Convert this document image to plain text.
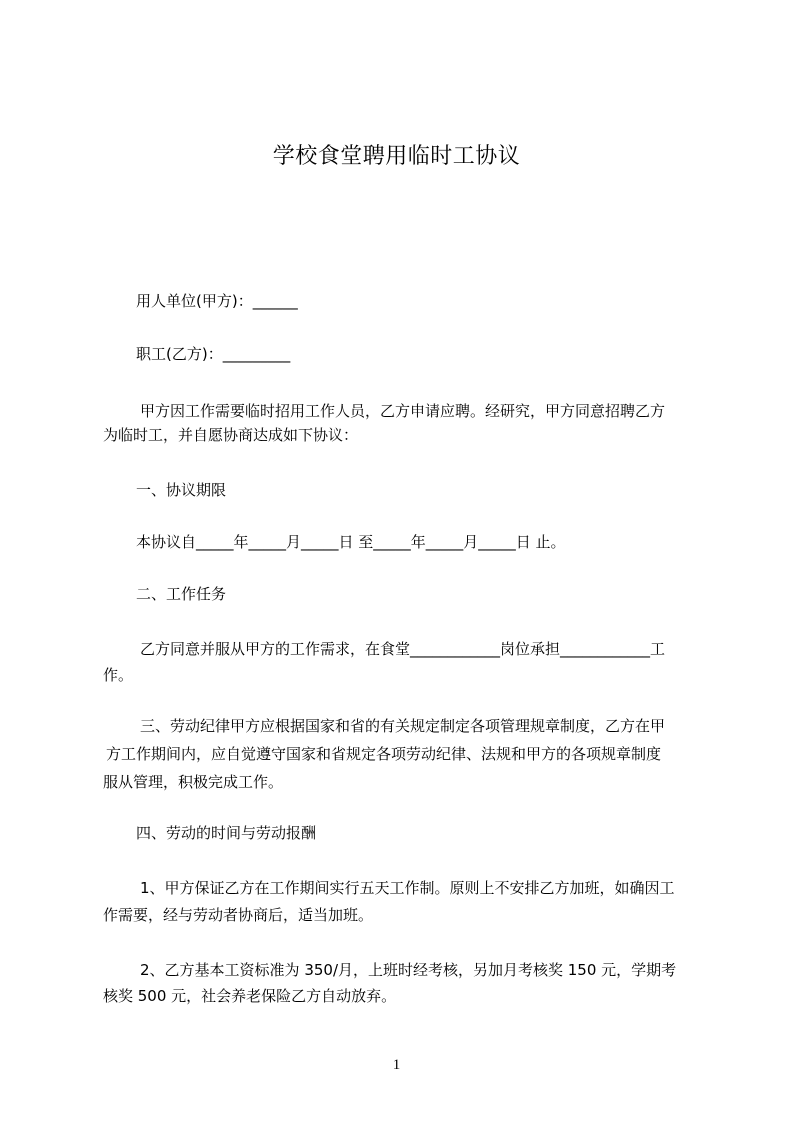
学校食堂聘用临时工协议
用人单位(甲方)：______
职工(乙方)：_________
甲方因工作需要临时招用工作人员，乙方申请应聘。经研究，甲方同意招聘乙方
为临时工，并自愿协商达成如下协议：
一、协议期限
本协议自_____年_____月_____日 至_____年_____月_____日 止。
二、工作任务
乙方同意并服从甲方的工作需求，在食堂____________岗位承担____________工
作。
三、劳动纪律甲方应根据国家和省的有关规定制定各项管理规章制度，乙方在甲
方工作期间内，应自觉遵守国家和省规定各项劳动纪律、法规和甲方的各项规章制度
服从管理，积极完成工作。
四、劳动的时间与劳动报酬
1、甲方保证乙方在工作期间实行五天工作制。原则上不安排乙方加班，如确因工
作需要，经与劳动者协商后，适当加班。
2、乙方基本工资标准为 350/月，上班时经考核，另加月考核奖 150 元，学期考
核奖 500 元，社会养老保险乙方自动放弃。
1
